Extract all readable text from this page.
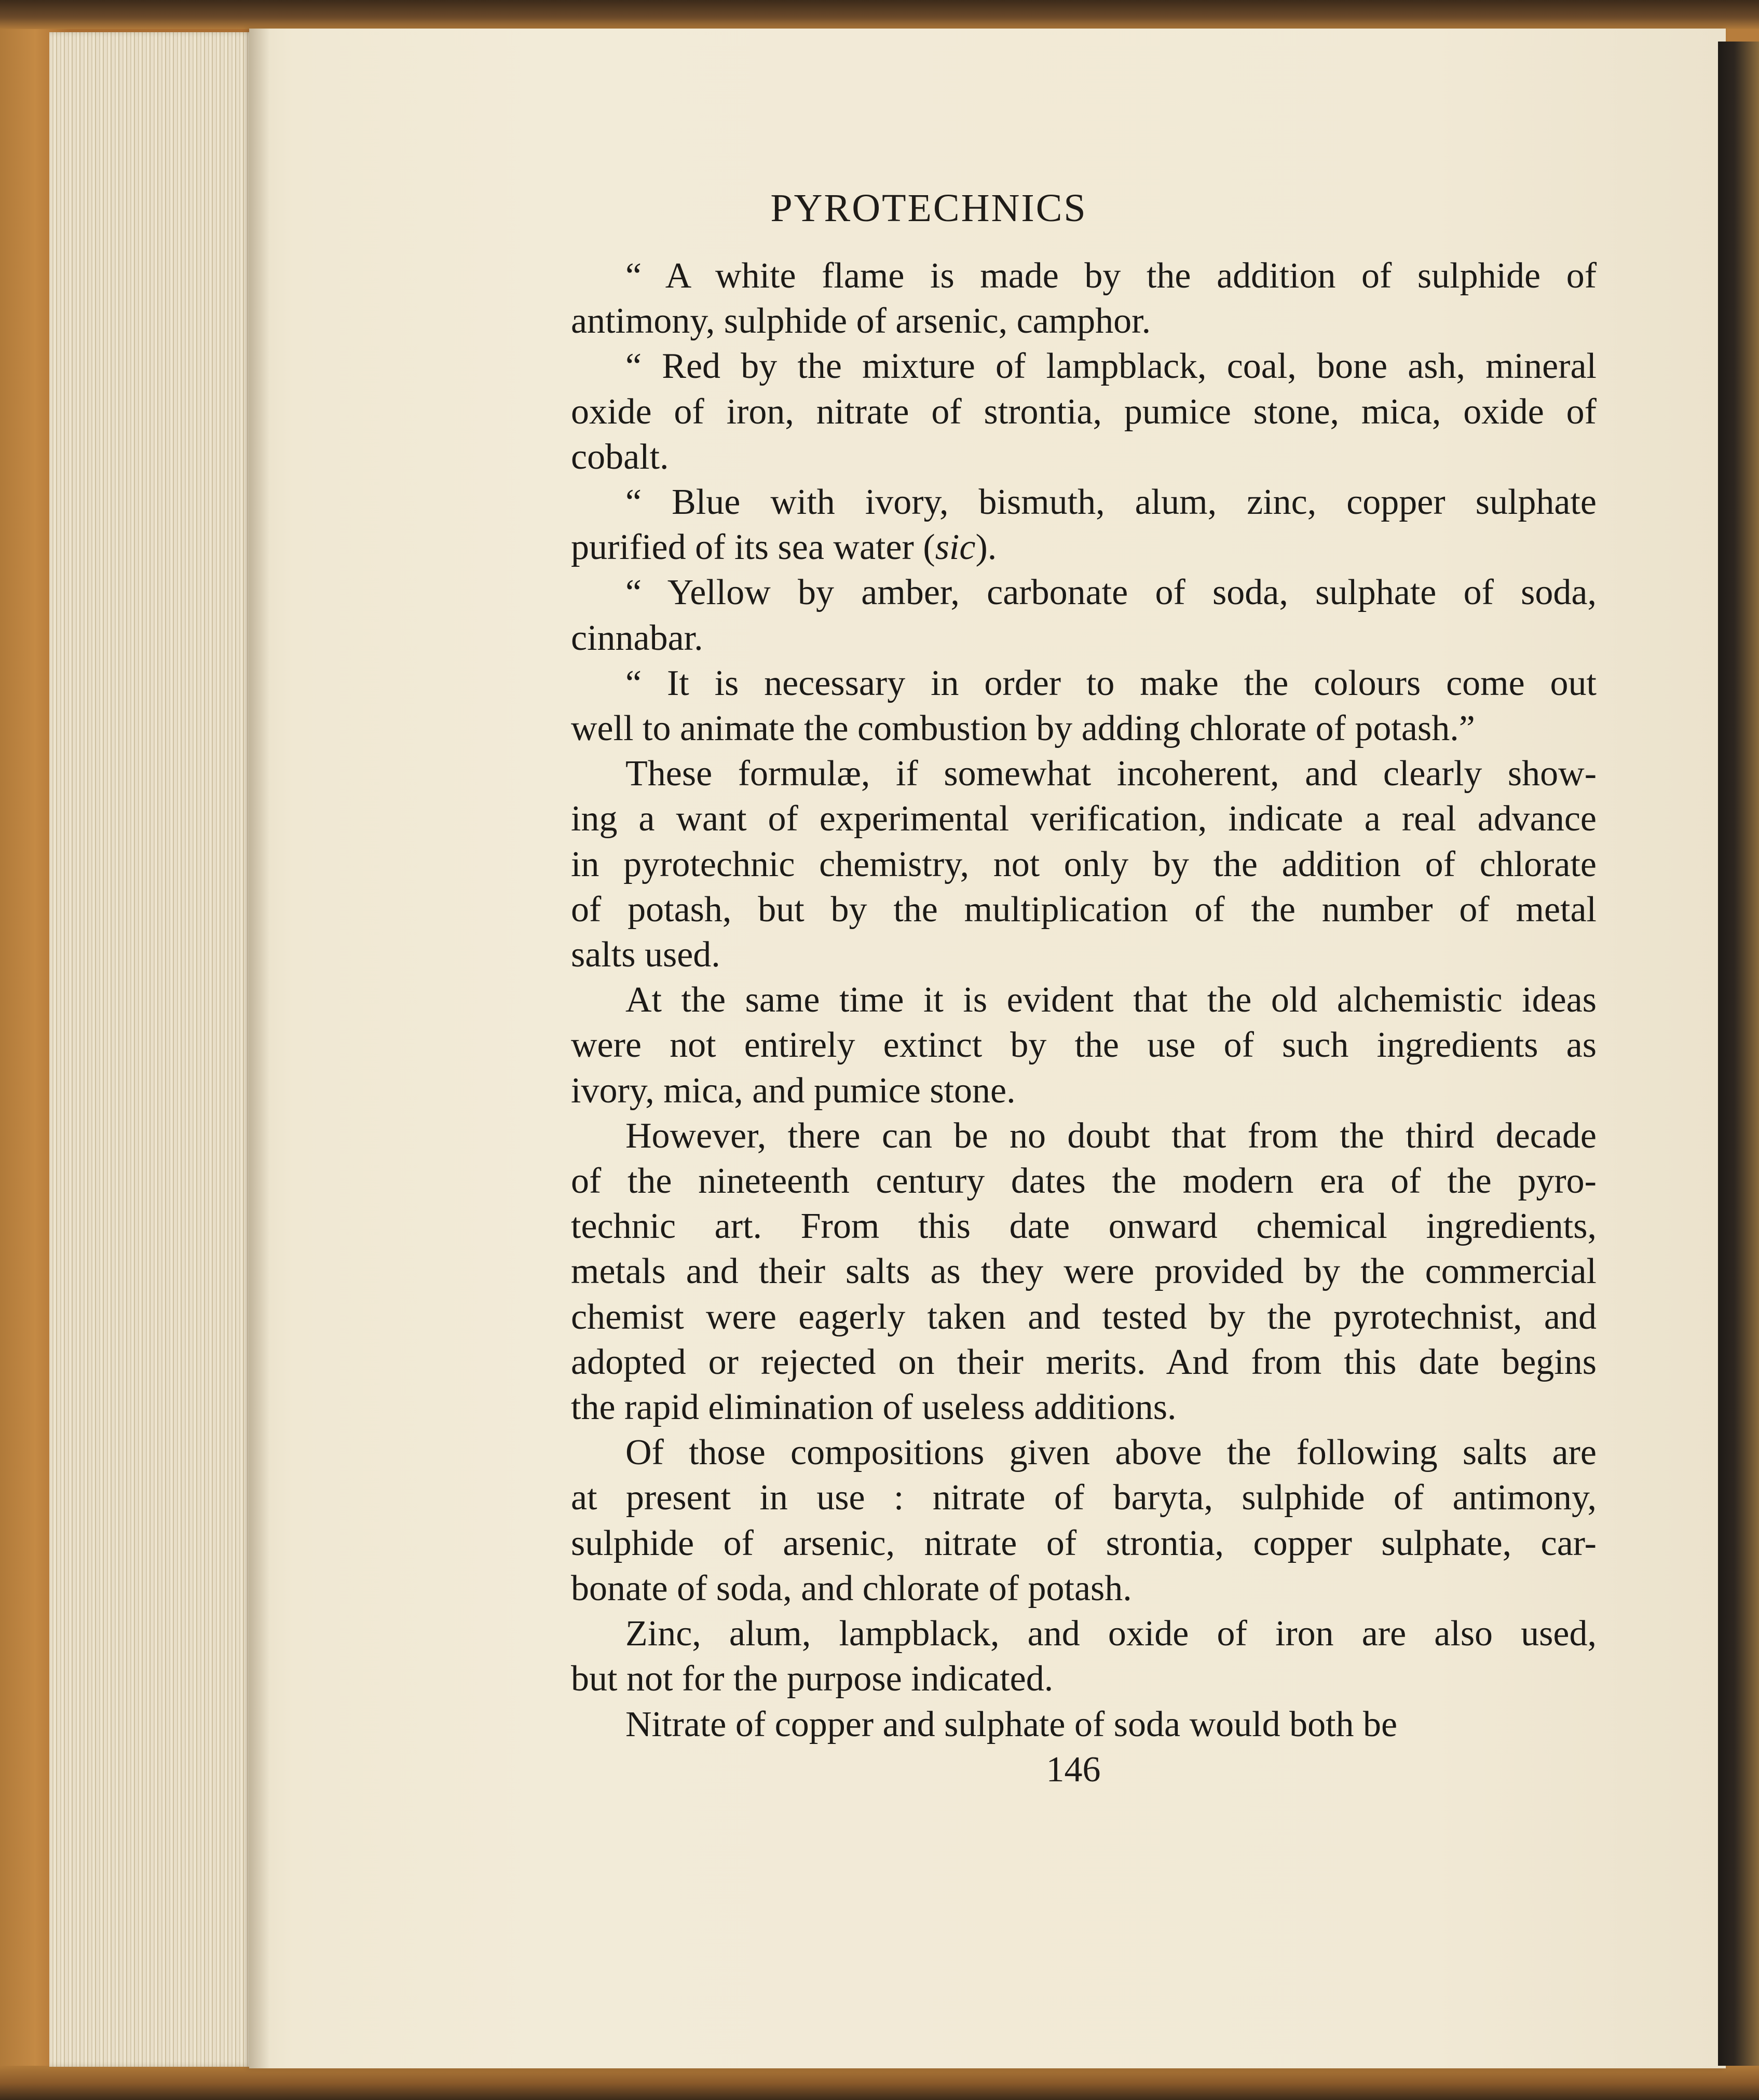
PYROTECHNICS

“ A white flame is made by the addition of sulphide of
antimony, sulphide of arsenic, camphor.

“ Red by the mixture of lampblack, coal, bone ash, mineral
oxide of iron, nitrate of strontia, pumice stone, mica, oxide of
cobalt.

“ Blue with ivory, bismuth, alum, zinc, copper sulphate
purified of its sea water (sic).

“ Yellow by amber, carbonate of soda, sulphate of soda,
cinnabar.

“ It is necessary in order to make the colours come out
well to animate the combustion by adding chlorate of potash.”

These formulæ, if somewhat incoherent, and clearly show-
ing a want of experimental verification, indicate a real advance
in pyrotechnic chemistry, not only by the addition of chlorate
of potash, but by the multiplication of the number of metal
salts used.

At the same time it is evident that the old alchemistic ideas
were not entirely extinct by the use of such ingredients as
ivory, mica, and pumice stone.

However, there can be no doubt that from the third decade
of the nineteenth century dates the modern era of the pyro-
technic art. From this date onward chemical ingredients,
metals and their salts as they were provided by the commercial
chemist were eagerly taken and tested by the pyrotechnist, and
adopted or rejected on their merits. And from this date begins
the rapid elimination of useless additions.

Of those compositions given above the following salts are
at present in use : nitrate of baryta, sulphide of antimony,
sulphide of arsenic, nitrate of strontia, copper sulphate, car-
bonate of soda, and chlorate of potash.

Zinc, alum, lampblack, and oxide of iron are also used,
but not for the purpose indicated.

Nitrate of copper and sulphate of soda would both be

146
